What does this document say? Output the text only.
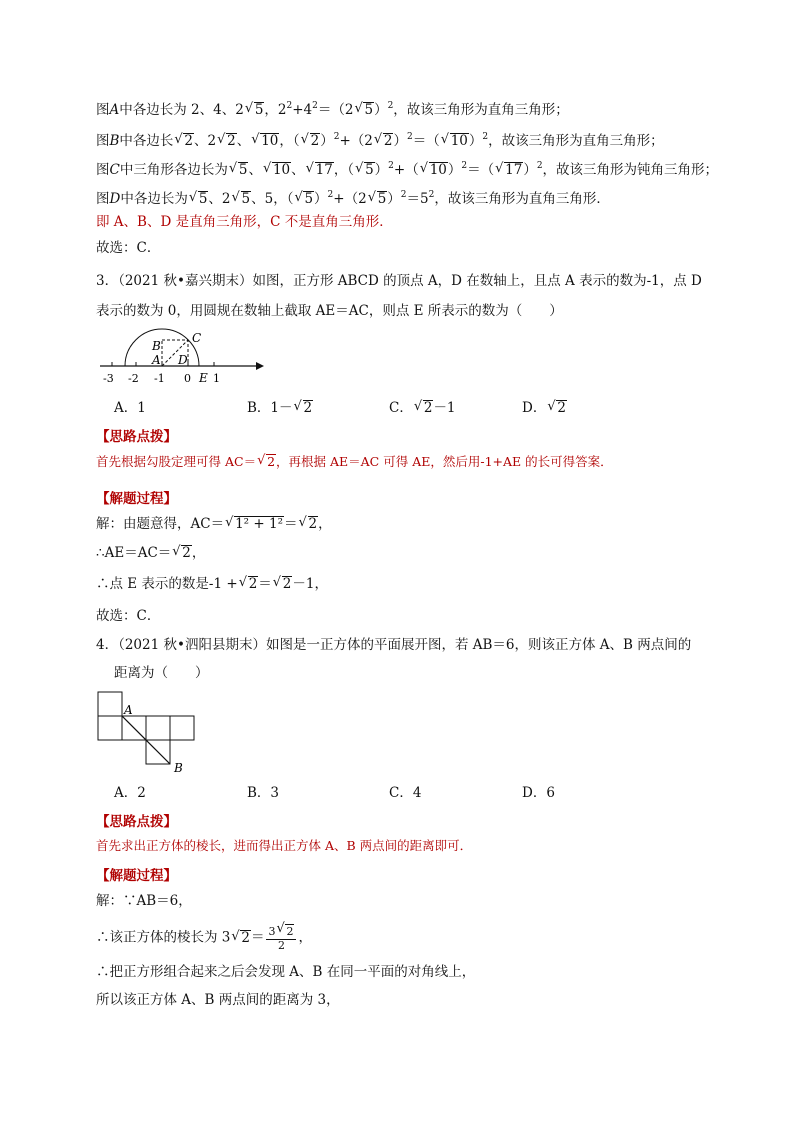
图A中各边长为 2、4、2√ 5，$2^2+4^2=(2√$ 5）$^2$，故该三角形为直角三角形；
图B中各边长√ 2、2√ 2、√ 10，（√ 2）$^2$+（2√ 2）$^2$＝（√ 10）$^2$，故该三角形为直角三角形；
图C中三角形各边长为√ 5、√ 10、√ 17，（√ 5）$^2$+（√ 10）$^2$＝（√ 17）$^2$，故该三角形为钝角三角形；
图D中各边长为√ 5、2√ 5、5，（√ 5）$^2$+（2√ $5)^2=5^2$，故该三角形为直角三角形．
即 A、B、D 是直角三角形，C 不是直角三角形．
故选：C．
3．（2021 秋•嘉兴期末）如图，正方形 ABCD 的顶点 A，D 在数轴上，且点 A 表示的数为-1，点 D
表示的数为 0，用圆规在数轴上截取 AE＝AC，则点 E 所表示的数为（　　）
-3 -2 -1 0 1
E
B
A
C
D
A．1	B．1－√ 2	C．√ 2－1	D．√ 2
【思路点拨】
首先根据勾股定理可得 AC＝√ 2，再根据 AE＝AC 可得 AE，然后用-1+AE 的长可得答案．
【解题过程】
解：由题意得，AC＝√ 1² + 1²＝√ 2，
∴AE＝AC＝√ 2，
∴点 E 表示的数是-1 +√ 2＝√ 2－1，
故选：C．
4．（2021 秋•泗阳县期末）如图是一正方体的平面展开图，若 AB＝6，则该正方体 A、B 两点间的
距离为（　　）
A
B
A．2	B．3	C．4	D．6
【思路点拨】
首先求出正方体的棱长，进而得出正方体 A、B 两点间的距离即可．
【解题过程】
解：∵AB＝6，
∴该正方体的棱长为 3√ $2= \frac{3√ 2}{2}$ ，
∴把正方形组合起来之后会发现 A、B 在同一平面的对角线上，
所以该正方体 A、B 两点间的距离为 3，
